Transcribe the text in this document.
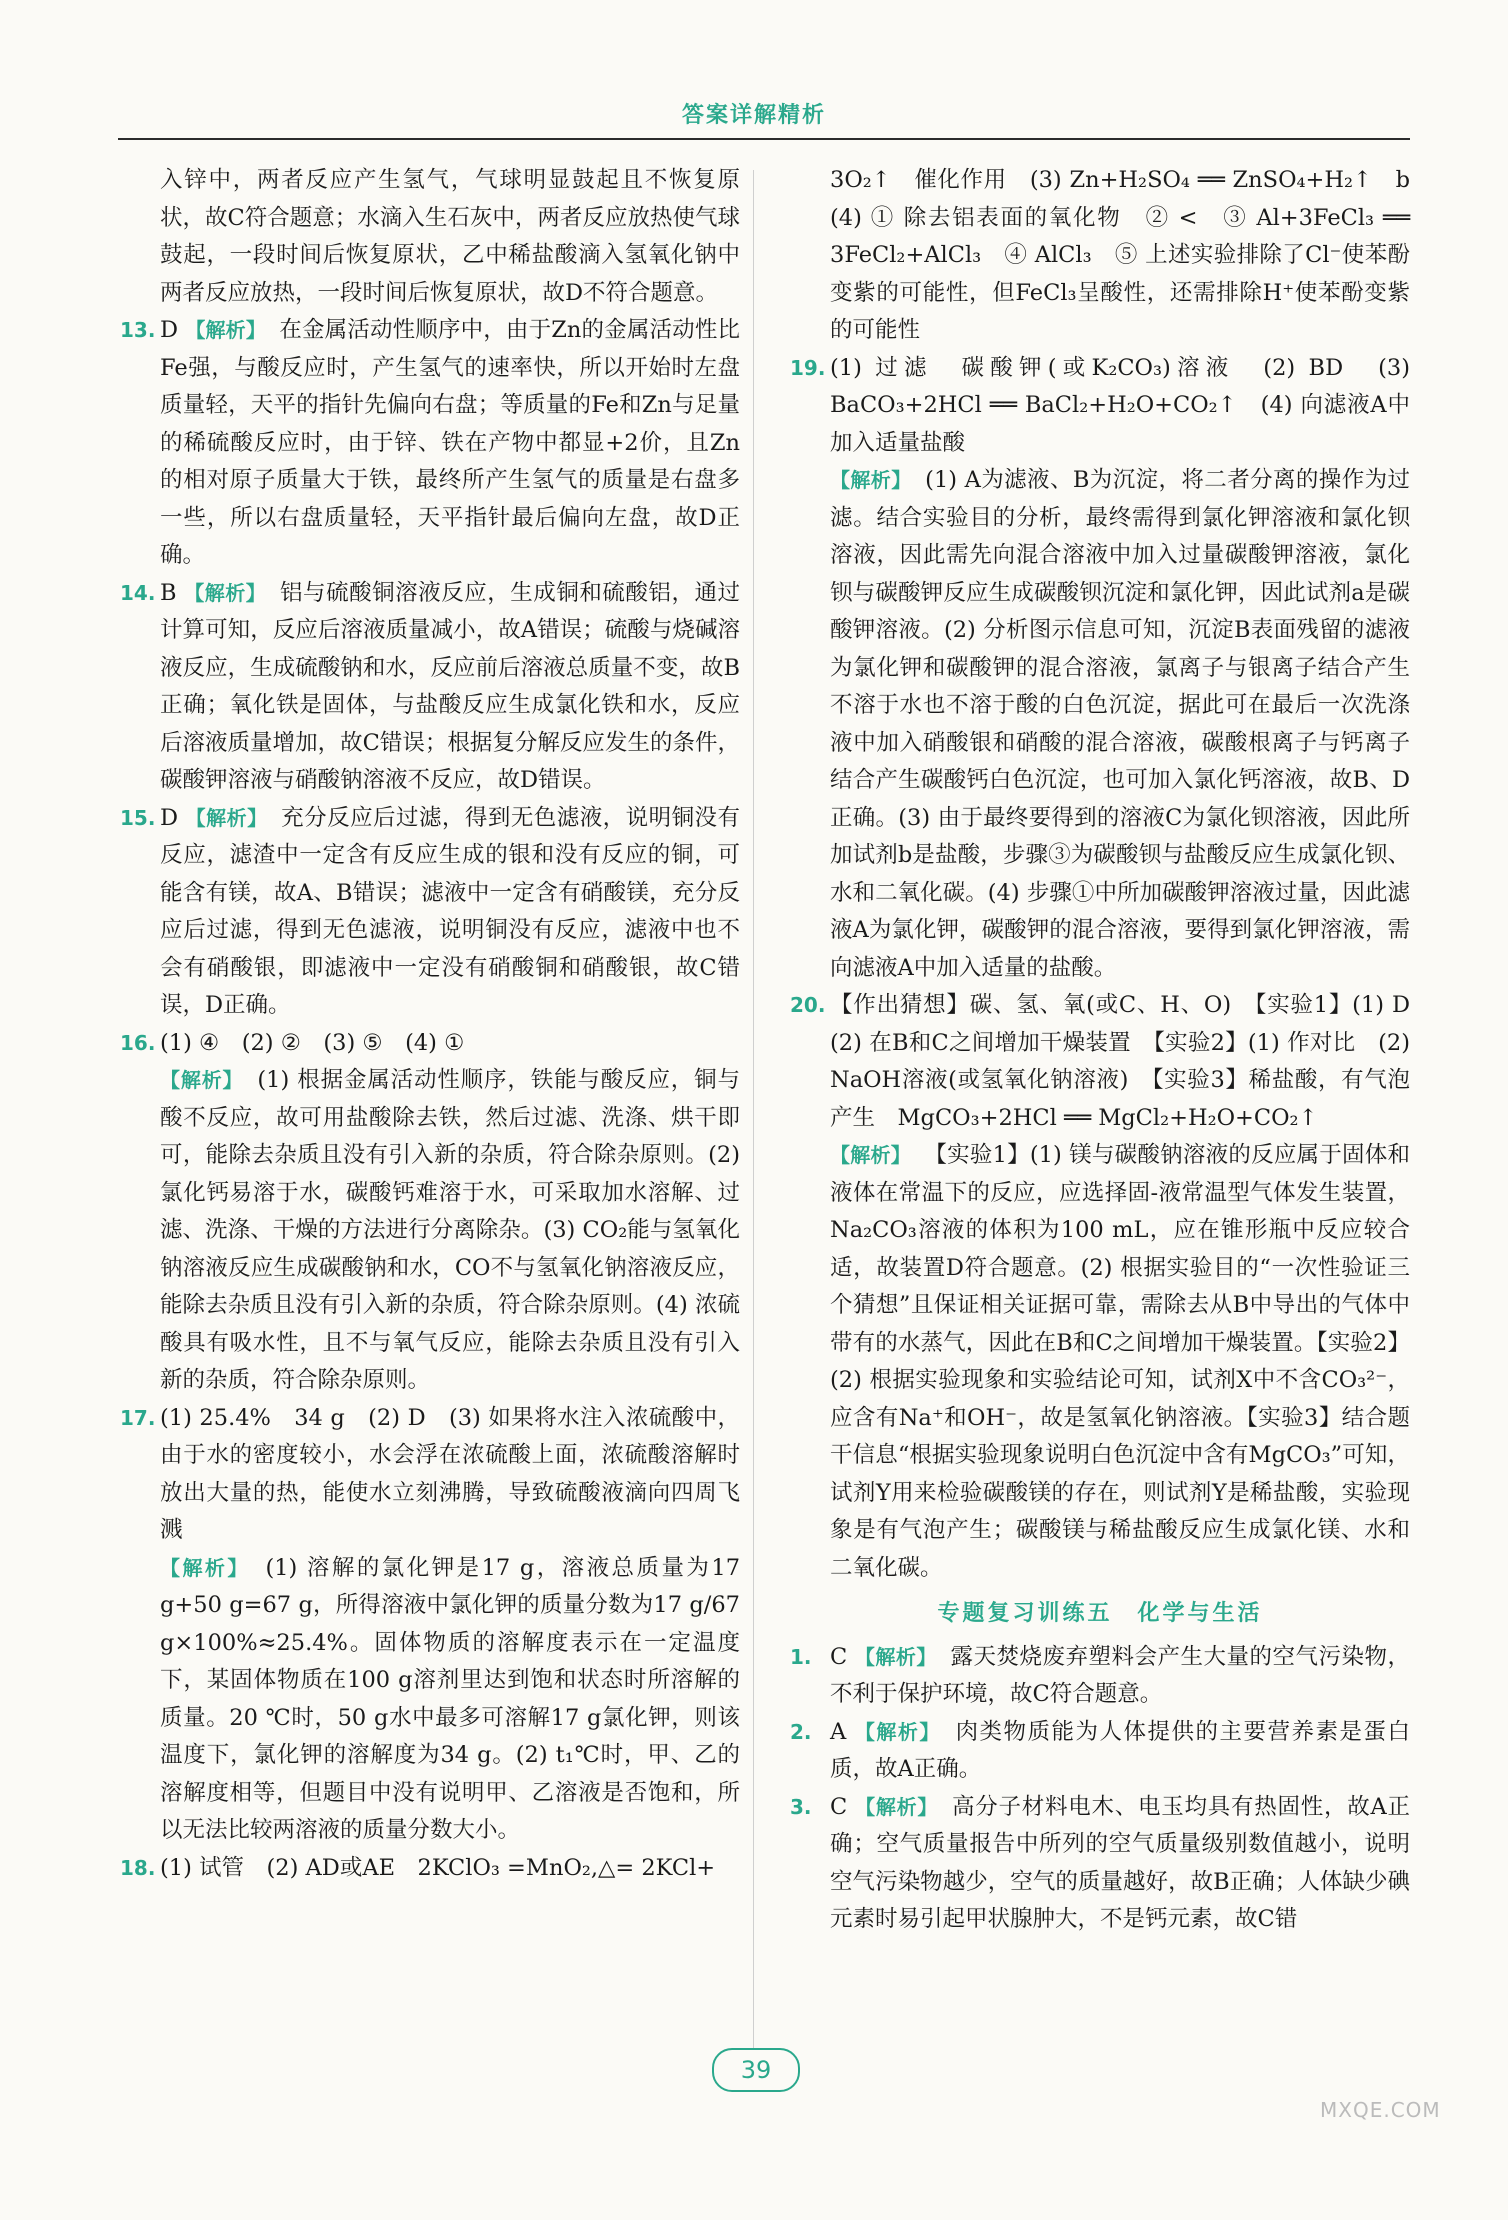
答案详解精析
入锌中，两者反应产生氢气，气球明显鼓起且不恢复原状，故C符合题意；水滴入生石灰中，两者反应放热使气球鼓起，一段时间后恢复原状，乙中稀盐酸滴入氢氧化钠中两者反应放热，一段时间后恢复原状，故D不符合题意。
13. D 【解析】 在金属活动性顺序中，由于Zn的金属活动性比Fe强，与酸反应时，产生氢气的速率快，所以开始时左盘质量轻，天平的指针先偏向右盘；等质量的Fe和Zn与足量的稀硫酸反应时，由于锌、铁在产物中都显+2价，且Zn的相对原子质量大于铁，最终所产生氢气的质量是右盘多一些，所以右盘质量轻，天平指针最后偏向左盘，故D正确。
14. B 【解析】 铝与硫酸铜溶液反应，生成铜和硫酸铝，通过计算可知，反应后溶液质量减小，故A错误；硫酸与烧碱溶液反应，生成硫酸钠和水，反应前后溶液总质量不变，故B正确；氧化铁是固体，与盐酸反应生成氯化铁和水，反应后溶液质量增加，故C错误；根据复分解反应发生的条件，碳酸钾溶液与硝酸钠溶液不反应，故D错误。
15. D 【解析】 充分反应后过滤，得到无色滤液，说明铜没有反应，滤渣中一定含有反应生成的银和没有反应的铜，可能含有镁，故A、B错误；滤液中一定含有硝酸镁，充分反应后过滤，得到无色滤液，说明铜没有反应，滤液中也不会有硝酸银，即滤液中一定没有硝酸铜和硝酸银，故C错误，D正确。
16. (1) ④　(2) ②　(3) ⑤　(4) ①
【解析】 (1) 根据金属活动性顺序，铁能与酸反应，铜与酸不反应，故可用盐酸除去铁，然后过滤、洗涤、烘干即可，能除去杂质且没有引入新的杂质，符合除杂原则。(2) 氯化钙易溶于水，碳酸钙难溶于水，可采取加水溶解、过滤、洗涤、干燥的方法进行分离除杂。(3) CO₂能与氢氧化钠溶液反应生成碳酸钠和水，CO不与氢氧化钠溶液反应，能除去杂质且没有引入新的杂质，符合除杂原则。(4) 浓硫酸具有吸水性，且不与氧气反应，能除去杂质且没有引入新的杂质，符合除杂原则。
17. (1) 25.4%　34 g　(2) D　(3) 如果将水注入浓硫酸中，由于水的密度较小，水会浮在浓硫酸上面，浓硫酸溶解时放出大量的热，能使水立刻沸腾，导致硫酸液滴向四周飞溅
【解析】 (1) 溶解的氯化钾是17 g，溶液总质量为17 g+50 g=67 g，所得溶液中氯化钾的质量分数为17 g/67 g×100%≈25.4%。固体物质的溶解度表示在一定温度下，某固体物质在100 g溶剂里达到饱和状态时所溶解的质量。20 ℃时，50 g水中最多可溶解17 g氯化钾，则该温度下，氯化钾的溶解度为34 g。(2) t₁℃时，甲、乙的溶解度相等，但题目中没有说明甲、乙溶液是否饱和，所以无法比较两溶液的质量分数大小。
18. (1) 试管　(2) AD或AE　2KClO₃ =MnO₂,△= 2KCl+
3O₂↑　催化作用　(3) Zn+H₂SO₄ ══ ZnSO₄+H₂↑　b　(4) ① 除去铝表面的氧化物　② <　③ Al+3FeCl₃ ══ 3FeCl₂+AlCl₃　④ AlCl₃　⑤ 上述实验排除了Cl⁻使苯酚变紫的可能性，但FeCl₃呈酸性，还需排除H⁺使苯酚变紫的可能性
19. (1) 过滤　碳酸钾(或K₂CO₃)溶液　(2) BD　(3) BaCO₃+2HCl ══ BaCl₂+H₂O+CO₂↑　(4) 向滤液A中加入适量盐酸
【解析】 (1) A为滤液、B为沉淀，将二者分离的操作为过滤。结合实验目的分析，最终需得到氯化钾溶液和氯化钡溶液，因此需先向混合溶液中加入过量碳酸钾溶液，氯化钡与碳酸钾反应生成碳酸钡沉淀和氯化钾，因此试剂a是碳酸钾溶液。(2) 分析图示信息可知，沉淀B表面残留的滤液为氯化钾和碳酸钾的混合溶液，氯离子与银离子结合产生不溶于水也不溶于酸的白色沉淀，据此可在最后一次洗涤液中加入硝酸银和硝酸的混合溶液，碳酸根离子与钙离子结合产生碳酸钙白色沉淀，也可加入氯化钙溶液，故B、D正确。(3) 由于最终要得到的溶液C为氯化钡溶液，因此所加试剂b是盐酸，步骤③为碳酸钡与盐酸反应生成氯化钡、水和二氧化碳。(4) 步骤①中所加碳酸钾溶液过量，因此滤液A为氯化钾，碳酸钾的混合溶液，要得到氯化钾溶液，需向滤液A中加入适量的盐酸。
20. 【作出猜想】碳、氢、氧(或C、H、O)　【实验1】(1) D　(2) 在B和C之间增加干燥装置　【实验2】(1) 作对比　(2) NaOH溶液(或氢氧化钠溶液)　【实验3】稀盐酸，有气泡产生　MgCO₃+2HCl ══ MgCl₂+H₂O+CO₂↑
【解析】 【实验1】(1) 镁与碳酸钠溶液的反应属于固体和液体在常温下的反应，应选择固-液常温型气体发生装置，Na₂CO₃溶液的体积为100 mL，应在锥形瓶中反应较合适，故装置D符合题意。(2) 根据实验目的“一次性验证三个猜想”且保证相关证据可靠，需除去从B中导出的气体中带有的水蒸气，因此在B和C之间增加干燥装置。【实验2】(2) 根据实验现象和实验结论可知，试剂X中不含CO₃²⁻，应含有Na⁺和OH⁻，故是氢氧化钠溶液。【实验3】结合题干信息“根据实验现象说明白色沉淀中含有MgCO₃”可知，试剂Y用来检验碳酸镁的存在，则试剂Y是稀盐酸，实验现象是有气泡产生；碳酸镁与稀盐酸反应生成氯化镁、水和二氧化碳。
专题复习训练五　化学与生活
1. C 【解析】 露天焚烧废弃塑料会产生大量的空气污染物，不利于保护环境，故C符合题意。
2. A 【解析】 肉类物质能为人体提供的主要营养素是蛋白质，故A正确。
3. C 【解析】 高分子材料电木、电玉均具有热固性，故A正确；空气质量报告中所列的空气质量级别数值越小，说明空气污染物越少，空气的质量越好，故B正确；人体缺少碘元素时易引起甲状腺肿大，不是钙元素，故C错
39
MXQE.COM
